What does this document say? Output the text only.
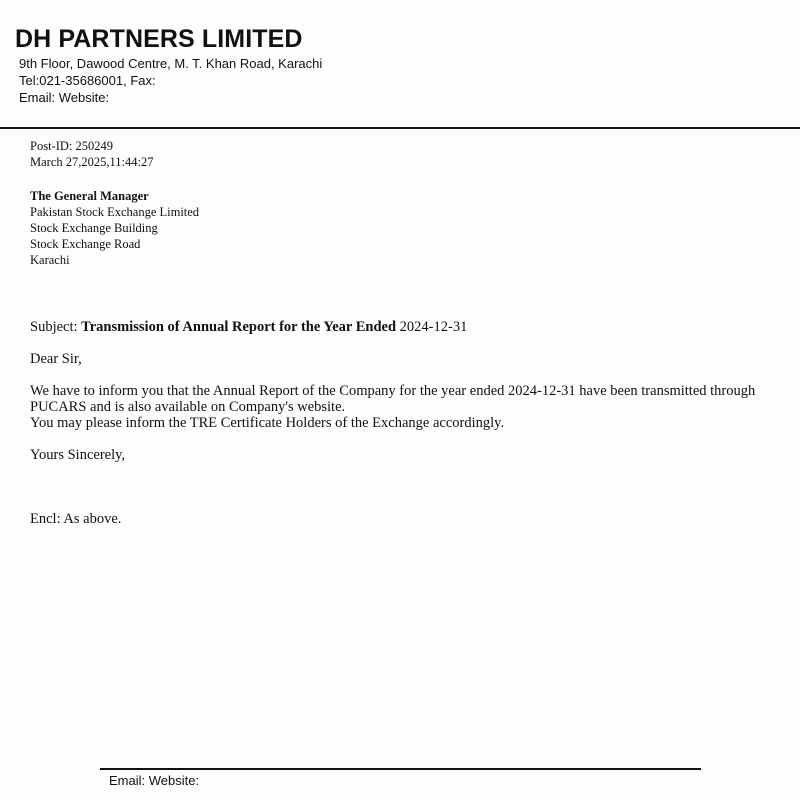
DH PARTNERS LIMITED
9th Floor, Dawood Centre, M. T. Khan Road, Karachi
Tel:021-35686001, Fax:
Email: Website:
Post-ID: 250249
March 27,2025,11:44:27
The General Manager
Pakistan Stock Exchange Limited
Stock Exchange Building
Stock Exchange Road
Karachi
Subject: Transmission of Annual Report for the Year Ended 2024-12-31
Dear Sir,
We have to inform you that the Annual Report of the Company for the year ended 2024-12-31 have been transmitted through
PUCARS and is also available on Company's website.
You may please inform the TRE Certificate Holders of the Exchange accordingly.
Yours Sincerely,
Encl: As above.
Email: Website:
